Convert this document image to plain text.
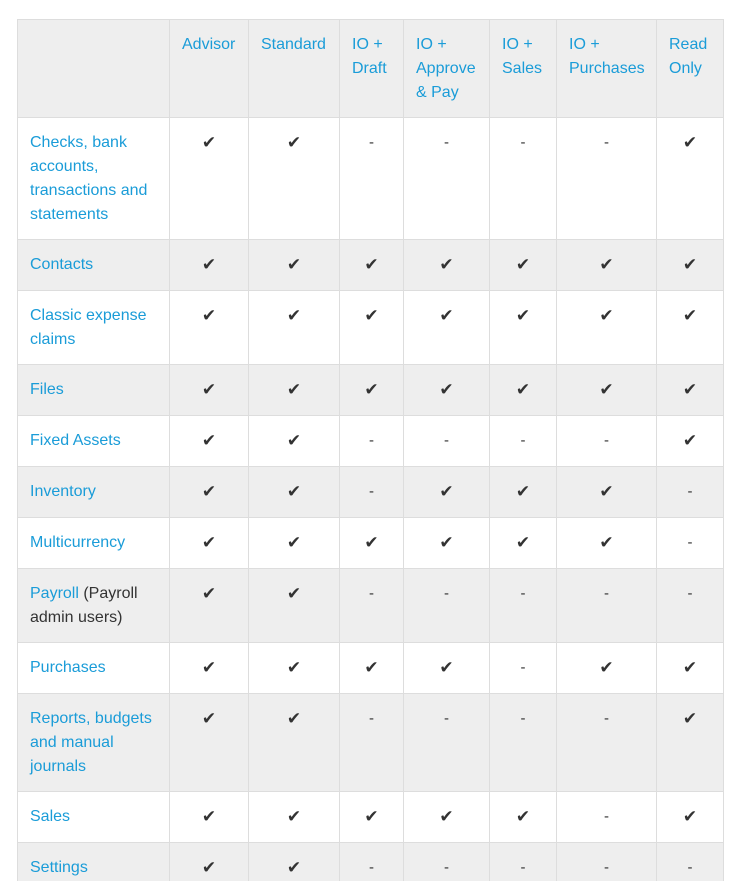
	Advisor	Standard	IO + Draft	IO + Approve & Pay	IO + Sales	IO + Purchases	Read Only
Checks, bank accounts, transactions and statements	✔	✔	-	-	-	-	✔
Contacts	✔	✔	✔	✔	✔	✔	✔
Classic expense claims	✔	✔	✔	✔	✔	✔	✔
Files	✔	✔	✔	✔	✔	✔	✔
Fixed Assets	✔	✔	-	-	-	-	✔
Inventory	✔	✔	-	✔	✔	✔	-
Multicurrency	✔	✔	✔	✔	✔	✔	-
Payroll (Payroll admin users)	✔	✔	-	-	-	-	-
Purchases	✔	✔	✔	✔	-	✔	✔
Reports, budgets and manual journals	✔	✔	-	-	-	-	✔
Sales	✔	✔	✔	✔	✔	-	✔
Settings	✔	✔	-	-	-	-	-
